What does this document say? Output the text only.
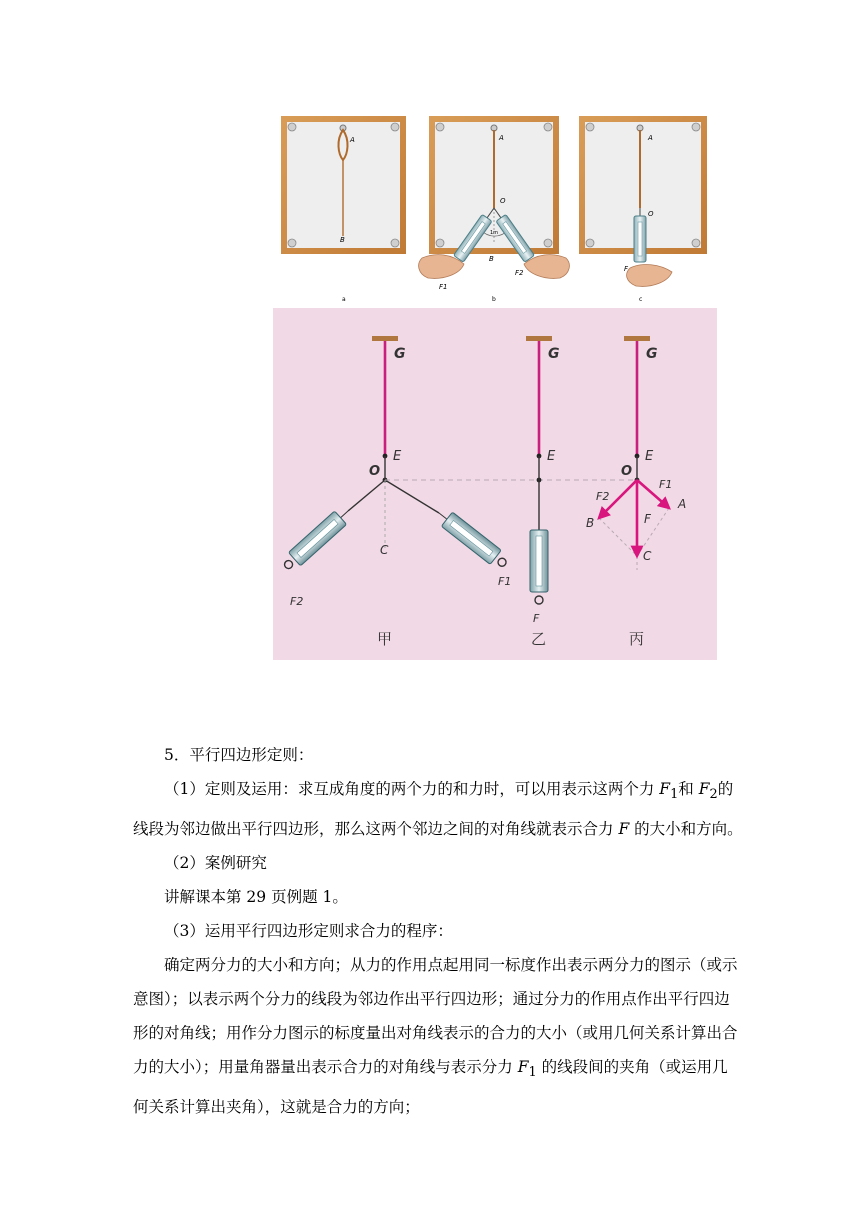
A
B
A
O
1m
B
F1
F2
A
O
F
a	b	c
G
E
O
C
F2
F1
甲
G
E
F
乙
G
E
O
F2
F1
A
B	F
C
丙

5．平行四边形定则：

（1）定则及运用：求互成角度的两个力的和力时，可以用表示这两个力 $F_1$和 $F_2$的线段为邻边做出平行四边形，那么这两个邻边之间的对角线就表示合力 F 的大小和方向。

（2）案例研究

讲解课本第 29 页例题 1。

（3）运用平行四边形定则求合力的程序：

确定两分力的大小和方向；从力的作用点起用同一标度作出表示两分力的图示（或示意图）；以表示两个分力的线段为邻边作出平行四边形；通过分力的作用点作出平行四边形的对角线；用作分力图示的标度量出对角线表示的合力的大小（或用几何关系计算出合力的大小）；用量角器量出表示合力的对角线与表示分力 $F_1$ 的线段间的夹角（或运用几何关系计算出夹角），这就是合力的方向；
